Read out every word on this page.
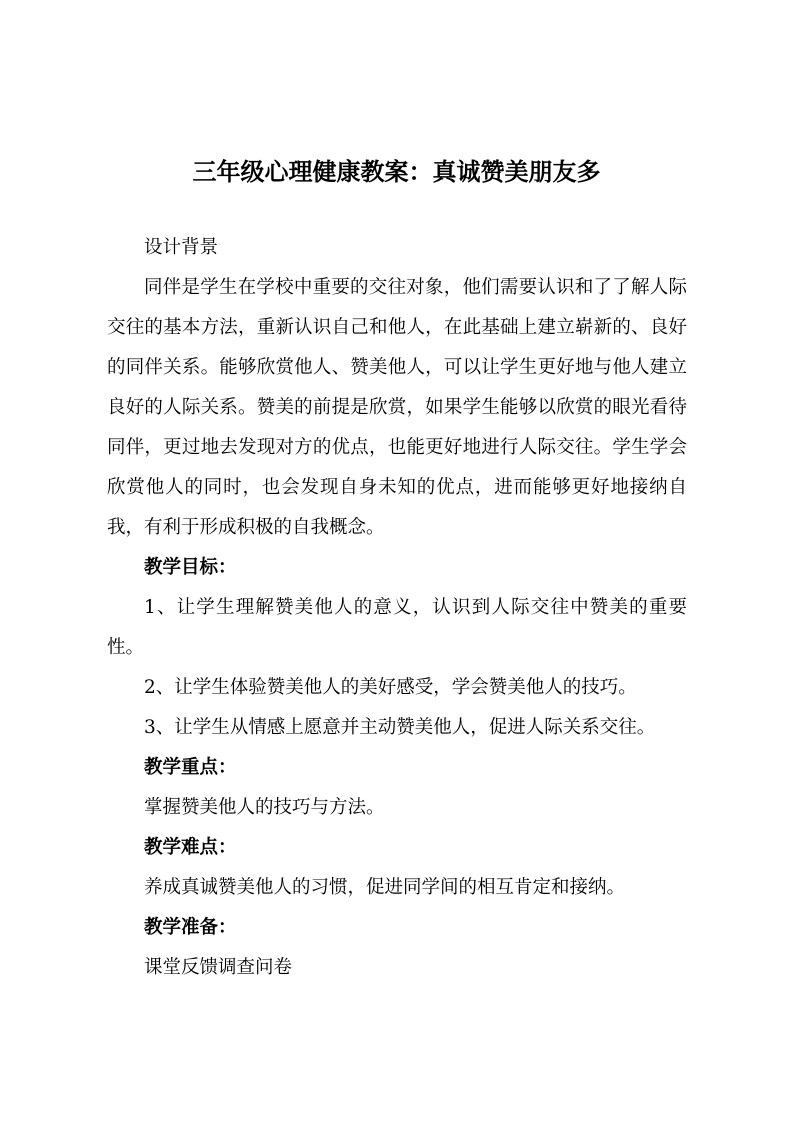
三年级心理健康教案：真诚赞美朋友多

设计背景

同伴是学生在学校中重要的交往对象，他们需要认识和了了解人际交往的基本方法，重新认识自己和他人，在此基础上建立崭新的、良好的同伴关系。能够欣赏他人、赞美他人，可以让学生更好地与他人建立良好的人际关系。赞美的前提是欣赏，如果学生能够以欣赏的眼光看待同伴，更过地去发现对方的优点，也能更好地进行人际交往。学生学会欣赏他人的同时，也会发现自身未知的优点，进而能够更好地接纳自我，有利于形成积极的自我概念。

教学目标：

1、让学生理解赞美他人的意义，认识到人际交往中赞美的重要性。

2、让学生体验赞美他人的美好感受，学会赞美他人的技巧。

3、让学生从情感上愿意并主动赞美他人，促进人际关系交往。

教学重点：

掌握赞美他人的技巧与方法。

教学难点：

养成真诚赞美他人的习惯，促进同学间的相互肯定和接纳。

教学准备：

课堂反馈调查问卷
